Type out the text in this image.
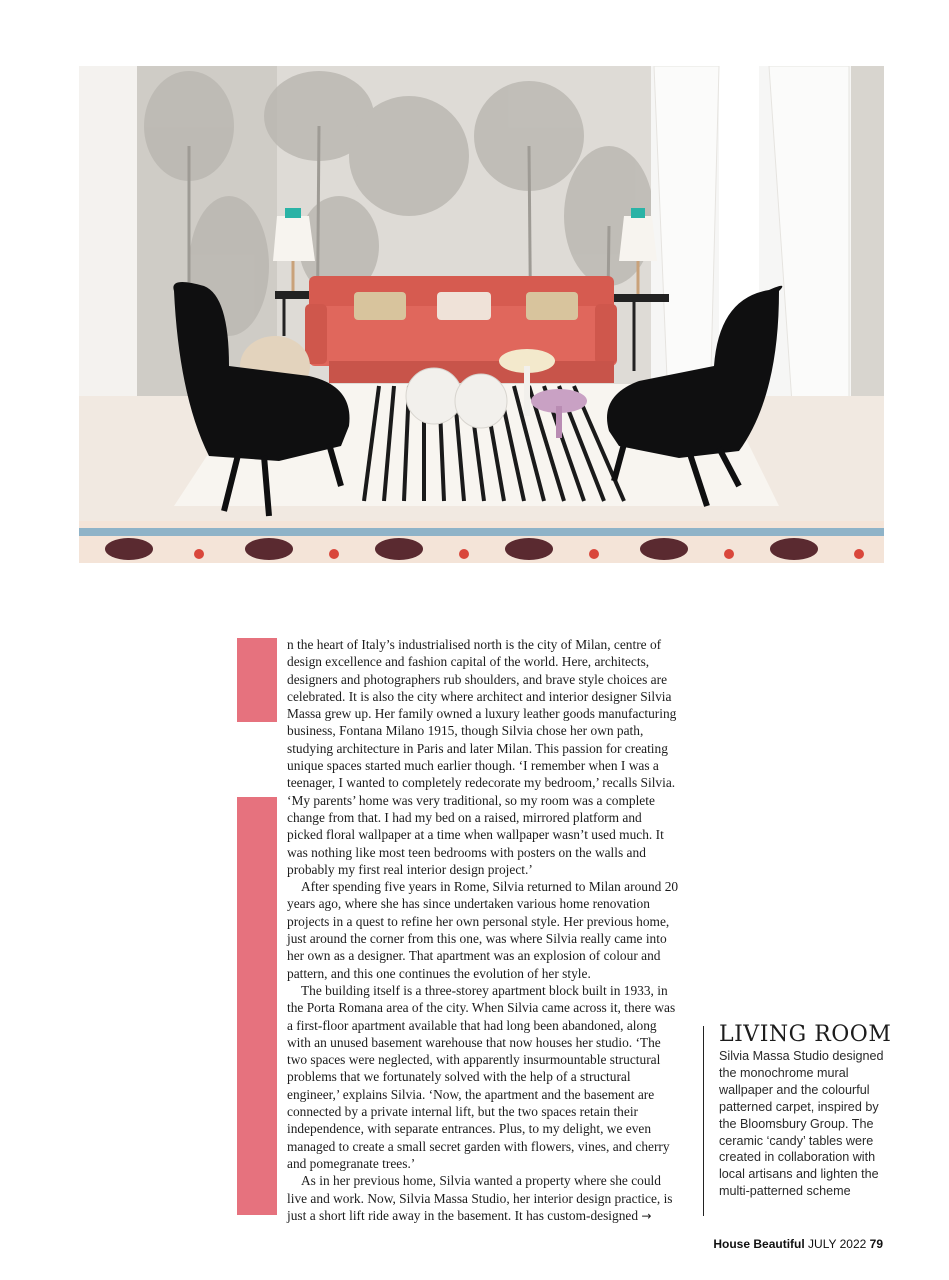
n the heart of Italy’s industrialised north is the city of Milan, centre of design excellence and fashion capital of the world. Here, architects, designers and photographers rub shoulders, and brave style choices are celebrated. It is also the city where architect and interior designer Silvia Massa grew up. Her family owned a luxury leather goods manufacturing business, Fontana Milano 1915, though Silvia chose her own path, studying architecture in Paris and later Milan. This passion for creating unique spaces started much earlier though. ‘I remember when I was a teenager, I wanted to completely redecorate my bedroom,’ recalls Silvia. ‘My parents’ home was very traditional, so my room was a complete change from that. I had my bed on a raised, mirrored platform and picked floral wallpaper at a time when wallpaper wasn’t used much. It was nothing like most teen bedrooms with posters on the walls and probably my first real interior design project.’

After spending five years in Rome, Silvia returned to Milan around 20 years ago, where she has since undertaken various home renovation projects in a quest to refine her own personal style. Her previous home, just around the corner from this one, was where Silvia really came into her own as a designer. That apartment was an explosion of colour and pattern, and this one continues the evolution of her style.

The building itself is a three-storey apartment block built in 1933, in the Porta Romana area of the city. When Silvia came across it, there was a first-floor apartment available that had long been abandoned, along with an unused basement warehouse that now houses her studio. ‘The two spaces were neglected, with apparently insurmountable structural problems that we fortunately solved with the help of a structural engineer,’ explains Silvia. ‘Now, the apartment and the basement are connected by a private internal lift, but the two spaces retain their independence, with separate entrances. Plus, to my delight, we even managed to create a small secret garden with flowers, vines, and cherry and pomegranate trees.’

As in her previous home, Silvia wanted a property where she could live and work. Now, Silvia Massa Studio, her interior design practice, is just a short lift ride away in the basement. It has custom-designed →

LIVING ROOM
Silvia Massa Studio designed the monochrome mural wallpaper and the colourful patterned carpet, inspired by the Bloomsbury Group. The ceramic ‘candy’ tables were created in collaboration with local artisans and lighten the multi-patterned scheme
House Beautiful JULY 2022 79
